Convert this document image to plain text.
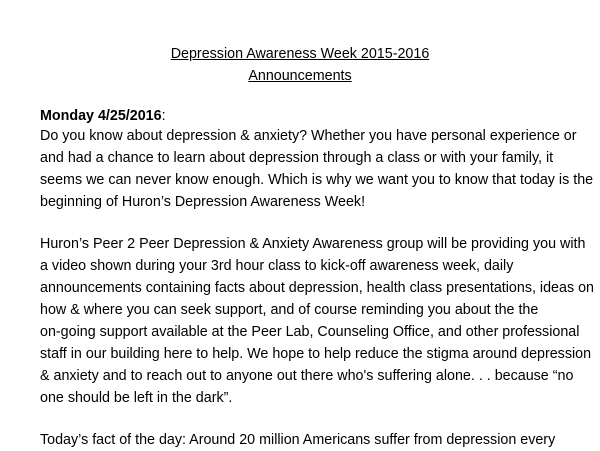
Depression Awareness Week 2015-2016
Announcements
Monday 4/25/2016:
Do you know about depression & anxiety? Whether you have personal experience or
and had a chance to learn about depression through a class or with your family, it
seems we can never know enough. Which is why we want you to know that today is the
beginning of Huron’s Depression Awareness Week!
Huron’s Peer 2 Peer Depression & Anxiety Awareness group will be providing you with
a video shown during your 3rd hour class to kick-off awareness week, daily
announcements containing facts about depression, health class presentations, ideas on
how & where you can seek support, and of course reminding you about the the
on-going support available at the Peer Lab, Counseling Office, and other professional
staff in our building here to help. We hope to help reduce the stigma around depression
& anxiety and to reach out to anyone out there who's suffering alone. . . because “no
one should be left in the dark”.
Today’s fact of the day: Around 20 million Americans suffer from depression every
